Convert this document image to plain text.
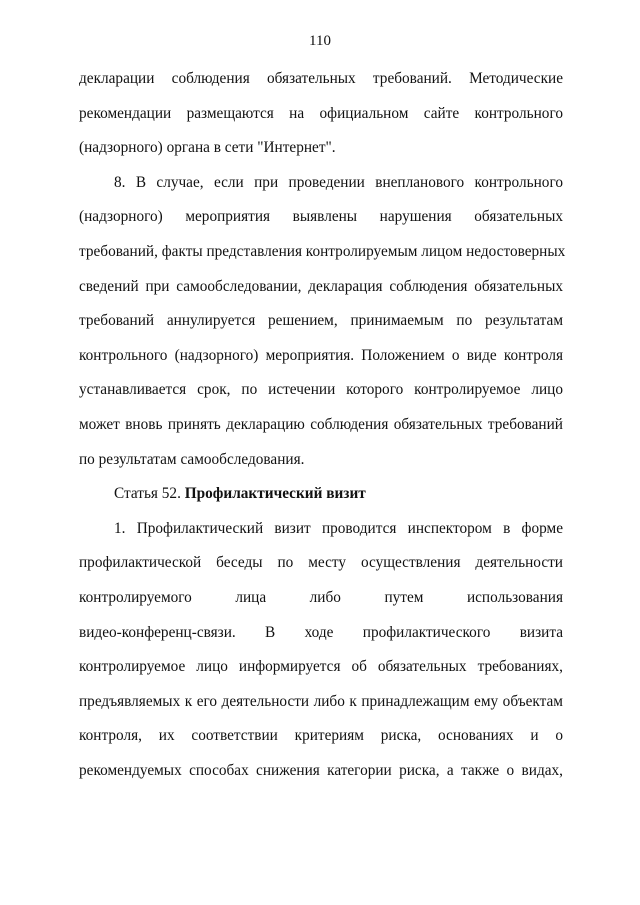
110
декларации соблюдения обязательных требований. Методические
рекомендации размещаются на официальном сайте контрольного
(надзорного) органа в сети "Интернет".
8. В случае, если при проведении внепланового контрольного
(надзорного) мероприятия выявлены нарушения обязательных
требований, факты представления контролируемым лицом недостоверных
сведений при самообследовании, декларация соблюдения обязательных
требований аннулируется решением, принимаемым по результатам
контрольного (надзорного) мероприятия. Положением о виде контроля
устанавливается срок, по истечении которого контролируемое лицо
может вновь принять декларацию соблюдения обязательных требований
по результатам самообследования.
Статья 52. Профилактический визит
1. Профилактический визит проводится инспектором в форме
профилактической беседы по месту осуществления деятельности
контролируемого лица либо путем использования
видео-конференц-связи. В ходе профилактического визита
контролируемое лицо информируется об обязательных требованиях,
предъявляемых к его деятельности либо к принадлежащим ему объектам
контроля, их соответствии критериям риска, основаниях и о
рекомендуемых способах снижения категории риска, а также о видах,
